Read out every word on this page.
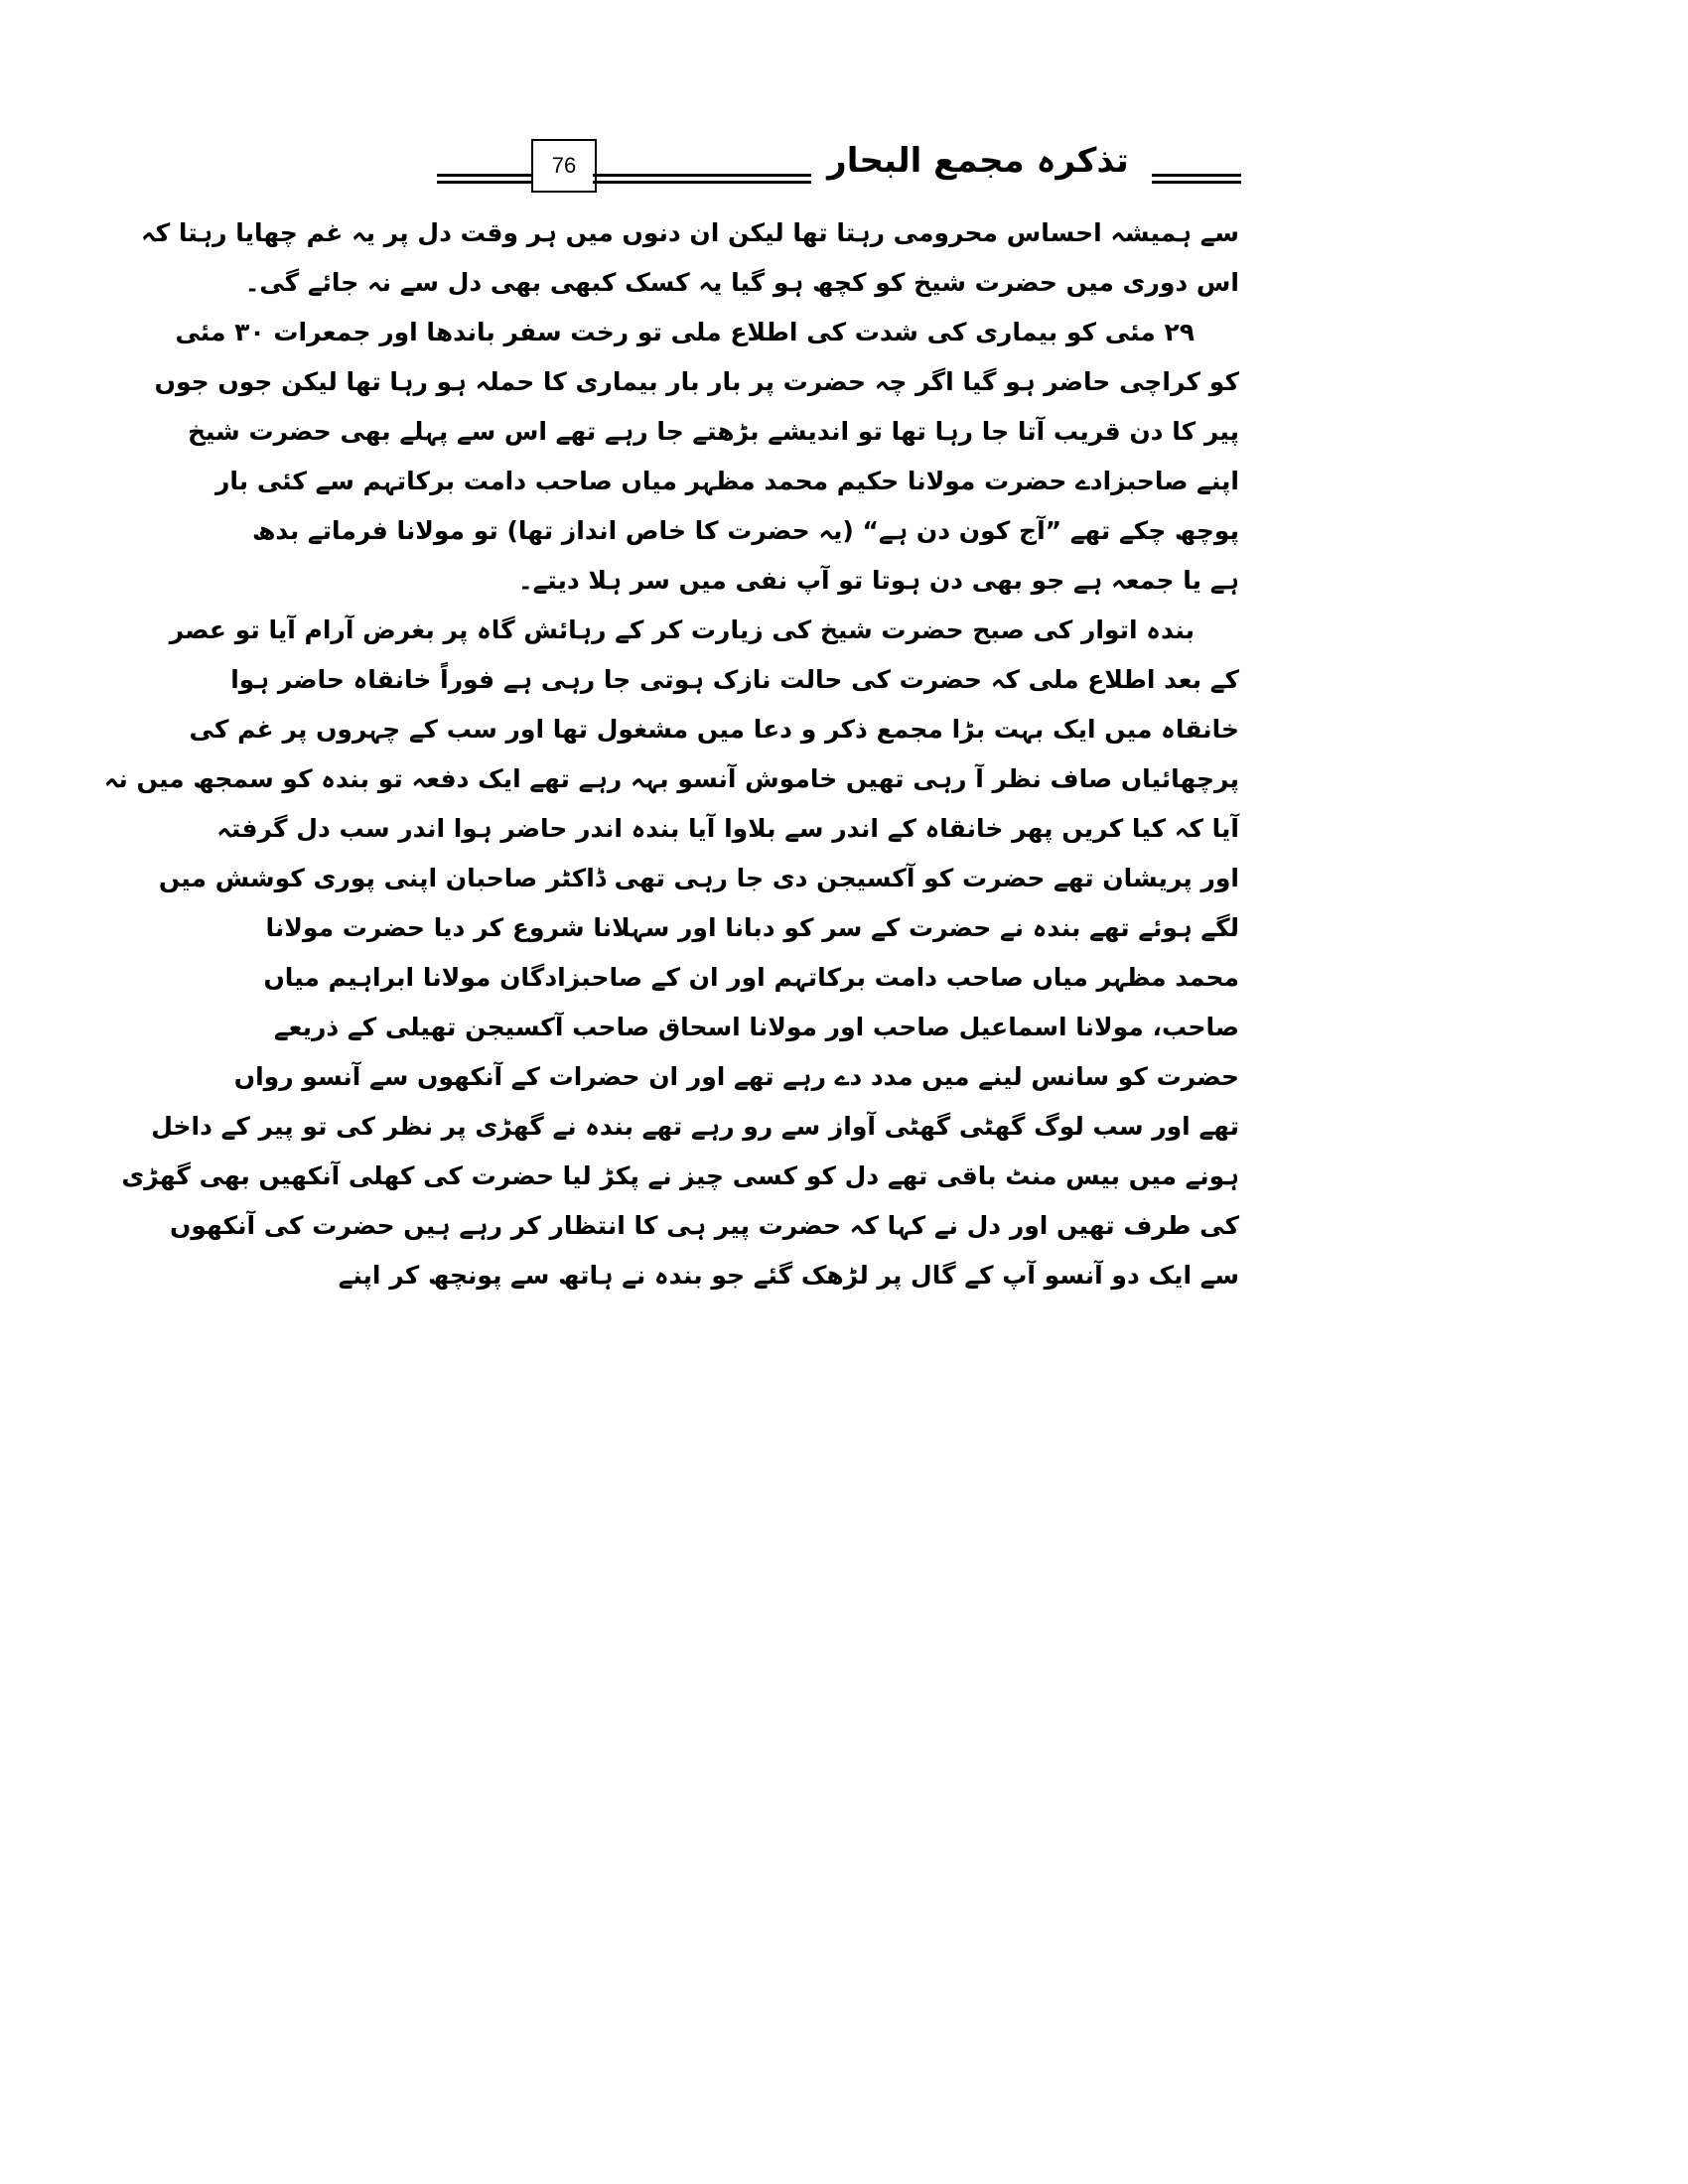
76	تذکرہ مجمع البحار
سے ہمیشہ احساس محرومی رہتا تھا لیکن ان دنوں میں ہر وقت دل پر یہ غم چھایا رہتا کہ
اس دوری میں حضرت شیخ کو کچھ ہو گیا یہ کسک کبھی بھی دل سے نہ جائے گی۔
۲۹ مئی کو بیماری کی شدت کی اطلاع ملی تو رخت سفر باندھا اور جمعرات ۳۰ مئی
کو کراچی حاضر ہو گیا اگر چہ حضرت پر بار بار بیماری کا حملہ ہو رہا تھا لیکن جوں جوں
پیر کا دن قریب آتا جا رہا تھا تو اندیشے بڑھتے جا رہے تھے اس سے پہلے بھی حضرت شیخ
اپنے صاحبزادے حضرت مولانا حکیم محمد مظہر میاں صاحب دامت برکاتہم سے کئی بار
پوچھ چکے تھے ”آج کون دن ہے“ (یہ حضرت کا خاص انداز تھا) تو مولانا فرماتے بدھ
ہے یا جمعہ ہے جو بھی دن ہوتا تو آپ نفی میں سر ہلا دیتے۔
بندہ اتوار کی صبح حضرت شیخ کی زیارت کر کے رہائش گاہ پر بغرض آرام آیا تو عصر
کے بعد اطلاع ملی کہ حضرت کی حالت نازک ہوتی جا رہی ہے فوراً خانقاہ حاضر ہوا
خانقاہ میں ایک بہت بڑا مجمع ذکر و دعا میں مشغول تھا اور سب کے چہروں پر غم کی
پرچھائیاں صاف نظر آ رہی تھیں خاموش آنسو بہہ رہے تھے ایک دفعہ تو بندہ کو سمجھ میں نہ
آیا کہ کیا کریں پھر خانقاہ کے اندر سے بلاوا آیا بندہ اندر حاضر ہوا اندر سب دل گرفتہ
اور پریشان تھے حضرت کو آکسیجن دی جا رہی تھی ڈاکٹر صاحبان اپنی پوری کوشش میں
لگے ہوئے تھے بندہ نے حضرت کے سر کو دبانا اور سہلانا شروع کر دیا حضرت مولانا
محمد مظہر میاں صاحب دامت برکاتہم اور ان کے صاحبزادگان مولانا ابراہیم میاں
صاحب، مولانا اسماعیل صاحب اور مولانا اسحاق صاحب آکسیجن تھیلی کے ذریعے
حضرت کو سانس لینے میں مدد دے رہے تھے اور ان حضرات کے آنکھوں سے آنسو رواں
تھے اور سب لوگ گھٹی گھٹی آواز سے رو رہے تھے بندہ نے گھڑی پر نظر کی تو پیر کے داخل
ہونے میں بیس منٹ باقی تھے دل کو کسی چیز نے پکڑ لیا حضرت کی کھلی آنکھیں بھی گھڑی
کی طرف تھیں اور دل نے کہا کہ حضرت پیر ہی کا انتظار کر رہے ہیں حضرت کی آنکھوں
سے ایک دو آنسو آپ کے گال پر لڑھک گئے جو بندہ نے ہاتھ سے پونچھ کر اپنے
